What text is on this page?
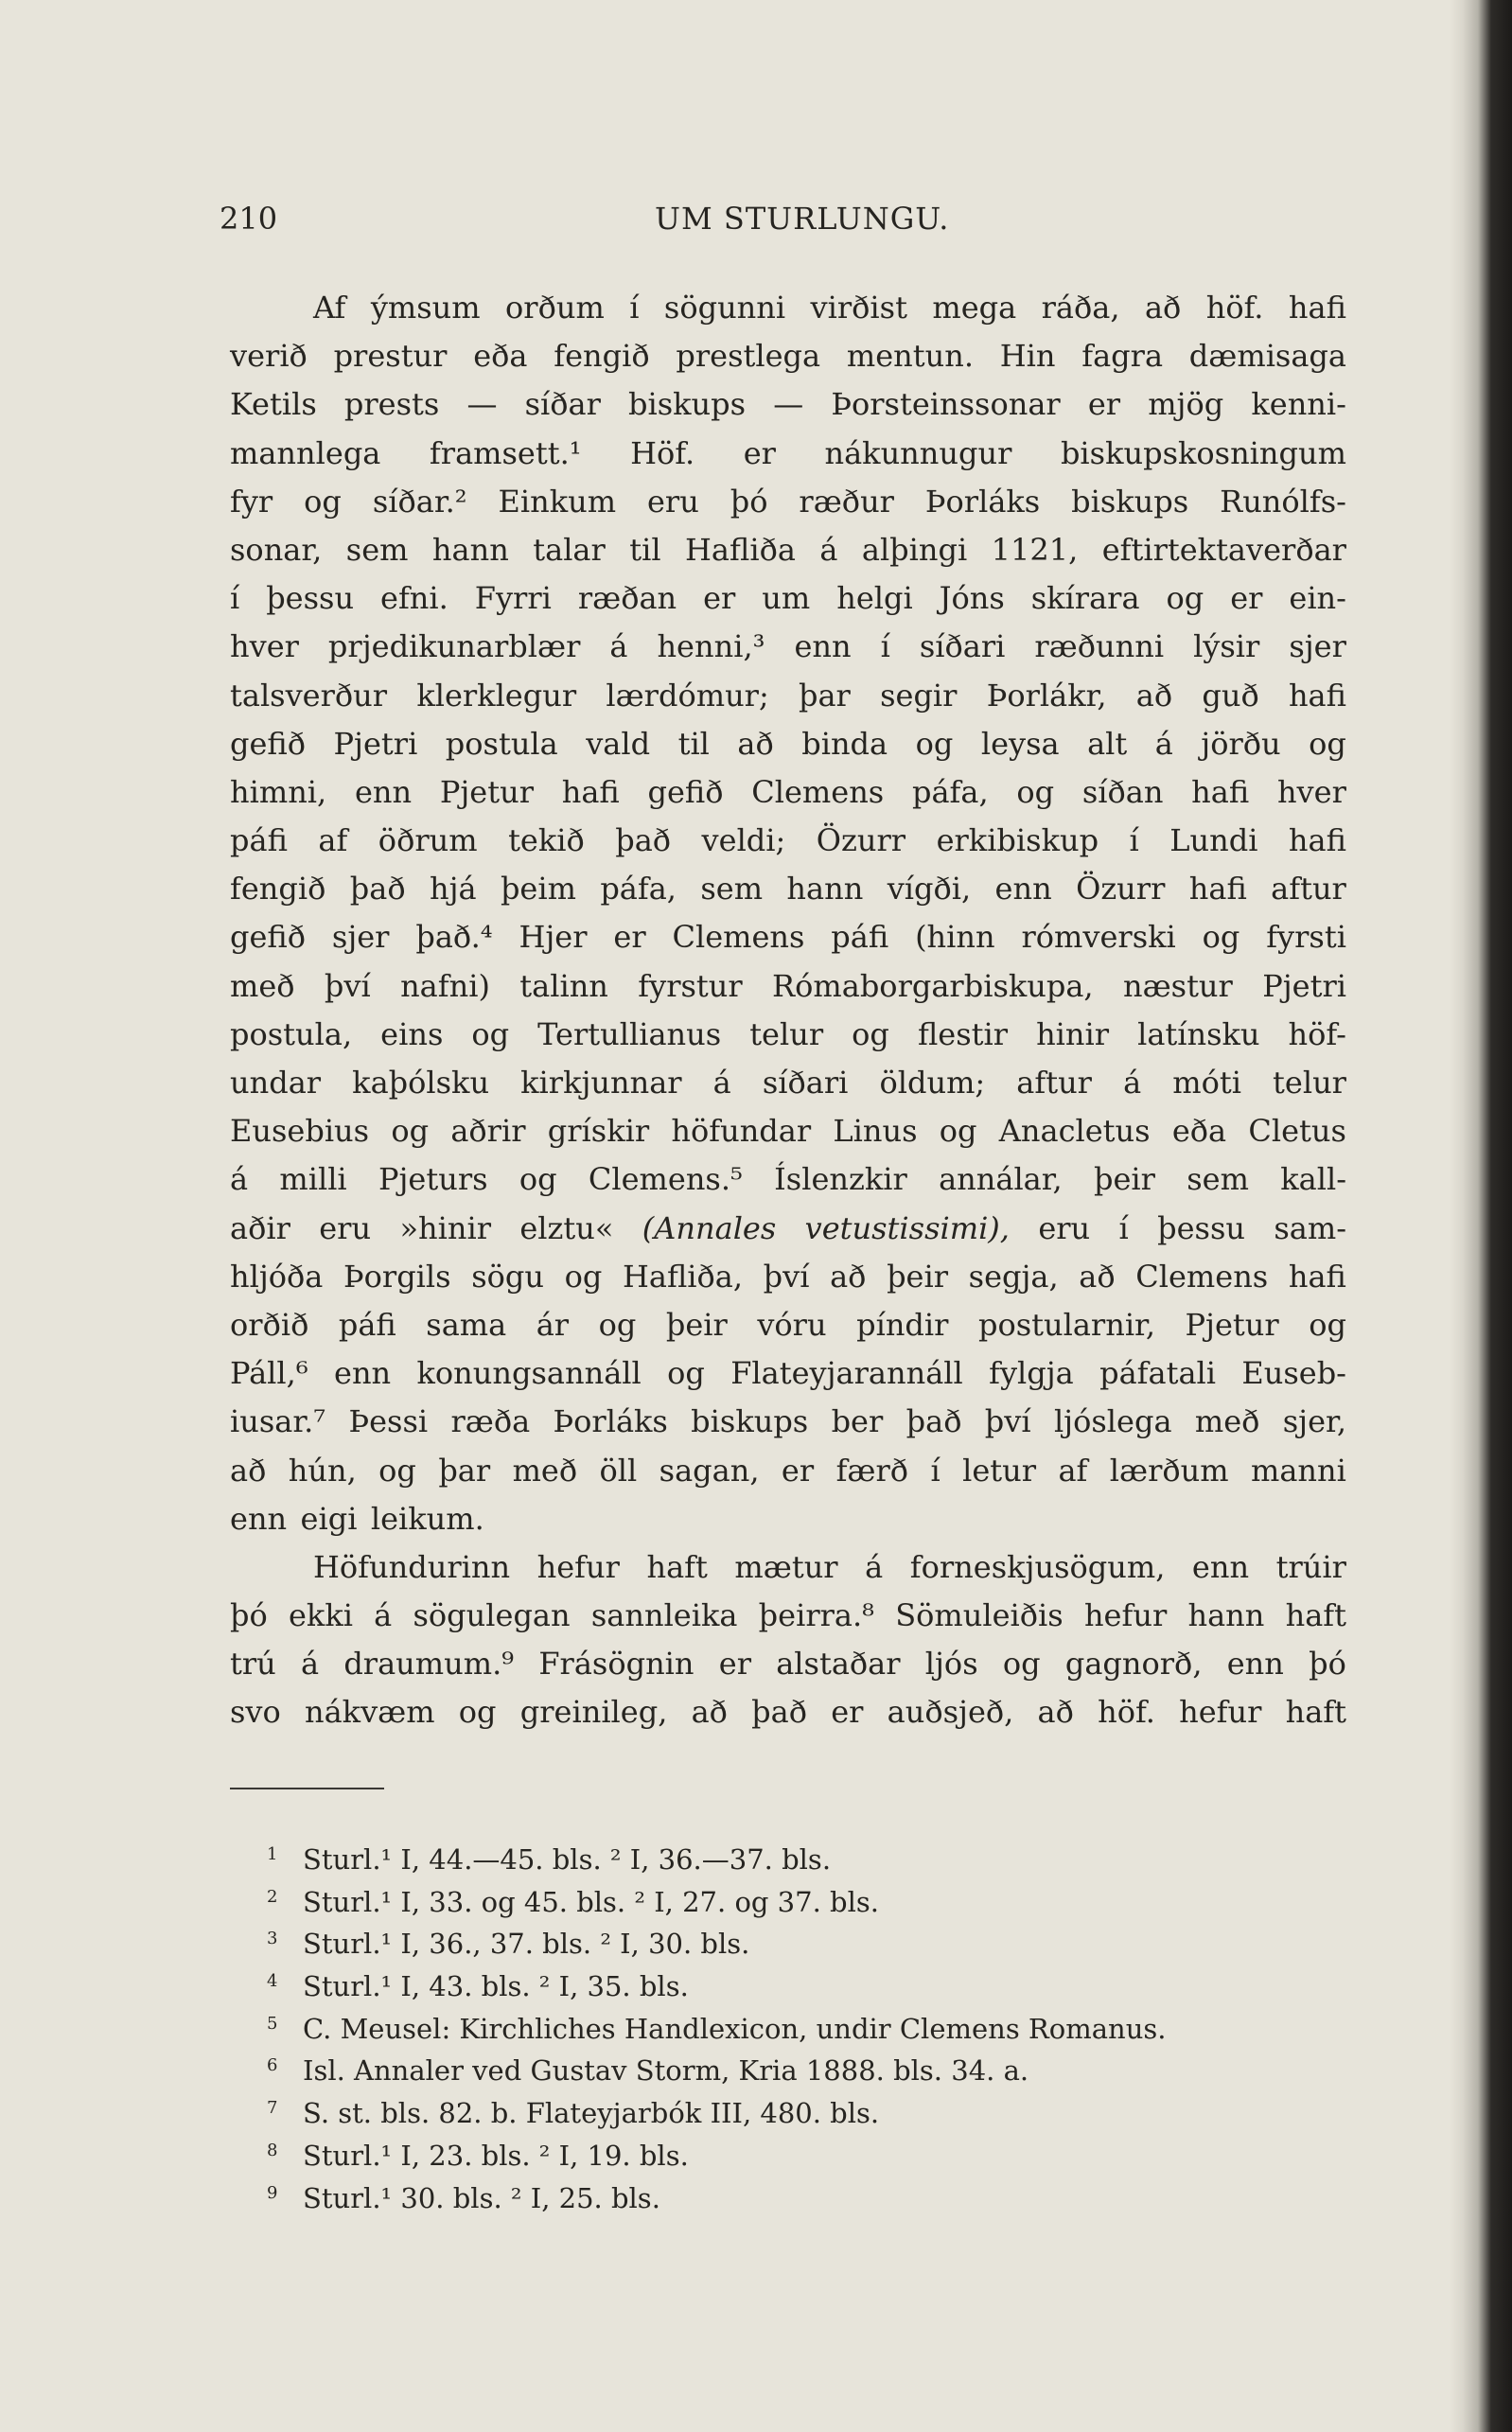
210	UM STURLUNGU.
Af ýmsum orðum í sögunni virðist mega ráða, að höf. hafi
verið prestur eða fengið prestlega mentun. Hin fagra dæmisaga
Ketils prests — síðar biskups — Þorsteinssonar er mjög kenni-
mannlega framsett.¹ Höf. er nákunnugur biskupskosningum
fyr og síðar.² Einkum eru þó ræður Þorláks biskups Runólfs-
sonar, sem hann talar til Hafliða á alþingi 1121, eftirtektaverðar
í þessu efni. Fyrri ræðan er um helgi Jóns skírara og er ein-
hver prjedikunarblær á henni,³ enn í síðari ræðunni lýsir sjer
talsverður klerklegur lærdómur; þar segir Þorlákr, að guð hafi
gefið Pjetri postula vald til að binda og leysa alt á jörðu og
himni, enn Pjetur hafi gefið Clemens páfa, og síðan hafi hver
páfi af öðrum tekið það veldi; Özurr erkibiskup í Lundi hafi
fengið það hjá þeim páfa, sem hann vígði, enn Özurr hafi aftur
gefið sjer það.⁴ Hjer er Clemens páfi (hinn rómverski og fyrsti
með því nafni) talinn fyrstur Rómaborgarbiskupa, næstur Pjetri
postula, eins og Tertullianus telur og flestir hinir latínsku höf-
undar kaþólsku kirkjunnar á síðari öldum; aftur á móti telur
Eusebius og aðrir grískir höfundar Linus og Anacletus eða Cletus
á milli Pjeturs og Clemens.⁵ Íslenzkir annálar, þeir sem kall-
aðir eru »hinir elztu« (Annales vetustissimi), eru í þessu sam-
hljóða Þorgils sögu og Hafliða, því að þeir segja, að Clemens hafi
orðið páfi sama ár og þeir vóru píndir postularnir, Pjetur og
Páll,⁶ enn konungsannáll og Flateyjarannáll fylgja páfatali Euseb-
iusar.⁷ Þessi ræða Þorláks biskups ber það því ljóslega með sjer,
að hún, og þar með öll sagan, er færð í letur af lærðum manni
enn eigi leikum.
Höfundurinn hefur haft mætur á forneskjusögum, enn trúir
þó ekki á sögulegan sannleika þeirra.⁸ Sömuleiðis hefur hann haft
trú á draumum.⁹ Frásögnin er alstaðar ljós og gagnorð, enn þó
svo nákvæm og greinileg, að það er auðsjeð, að höf. hefur haft
1 Sturl.¹ I, 44.—45. bls. ² I, 36.—37. bls.
2 Sturl.¹ I, 33. og 45. bls. ² I, 27. og 37. bls.
3 Sturl.¹ I, 36., 37. bls. ² I, 30. bls.
4 Sturl.¹ I, 43. bls. ² I, 35. bls.
5 C. Meusel: Kirchliches Handlexicon, undir Clemens Romanus.
6 Isl. Annaler ved Gustav Storm, Kria 1888. bls. 34. a.
7 S. st. bls. 82. b. Flateyjarbók III, 480. bls.
8 Sturl.¹ I, 23. bls. ² I, 19. bls.
9 Sturl.¹ 30. bls. ² I, 25. bls.
